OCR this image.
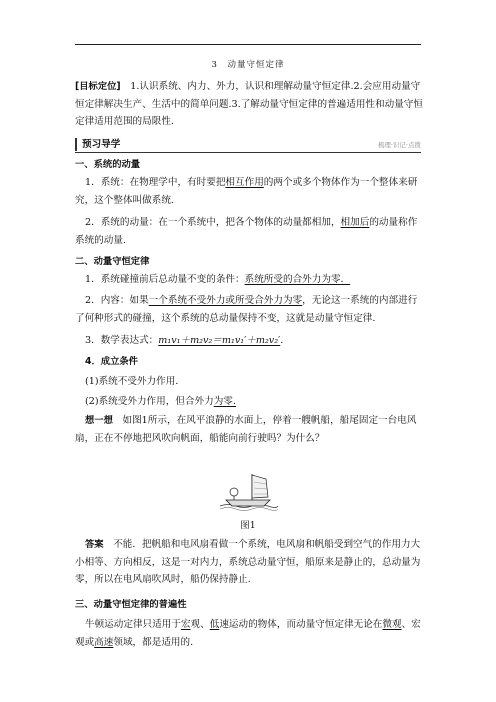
3　动量守恒定律
[目标定位]　1.认识系统、内力、外力，认识和理解动量守恒定律.2.会应用动量守恒定律解决生产、生活中的简单问题.3.了解动量守恒定律的普遍适用性和动量守恒定律适用范围的局限性.
预习导学	梳理·识记·点拨
一、系统的动量
1．系统：在物理学中，有时要把相互作用的两个或多个物体作为一个整体来研究，这个整体叫做系统.
2．系统的动量：在一个系统中，把各个物体的动量都相加，相加后的动量称作系统的动量.
二、动量守恒定律
1．系统碰撞前后总动量不变的条件：系统所受的合外力为零．
2．内容：如果一个系统不受外力或所受合外力为零，无论这一系统的内部进行了何种形式的碰撞，这个系统的总动量保持不变，这就是动量守恒定律.
3．数学表达式：m₁v₁＋m₂v₂＝m₁v₁′＋m₂v₂′.
4．成立条件
(1)系统不受外力作用．
(2)系统受外力作用，但合外力为零.
想一想　如图1所示，在风平浪静的水面上，停着一艘帆船，船尾固定一台电风扇，正在不停地把风吹向帆面，船能向前行驶吗？为什么？
图1
答案　不能．把帆船和电风扇看做一个系统，电风扇和帆船受到空气的作用力大小相等、方向相反，这是一对内力，系统总动量守恒，船原来是静止的，总动量为零，所以在电风扇吹风时，船仍保持静止.
三、动量守恒定律的普遍性
牛顿运动定律只适用于宏观、低速运动的物体，而动量守恒定律无论在微观、宏观或高速领域，都是适用的.
